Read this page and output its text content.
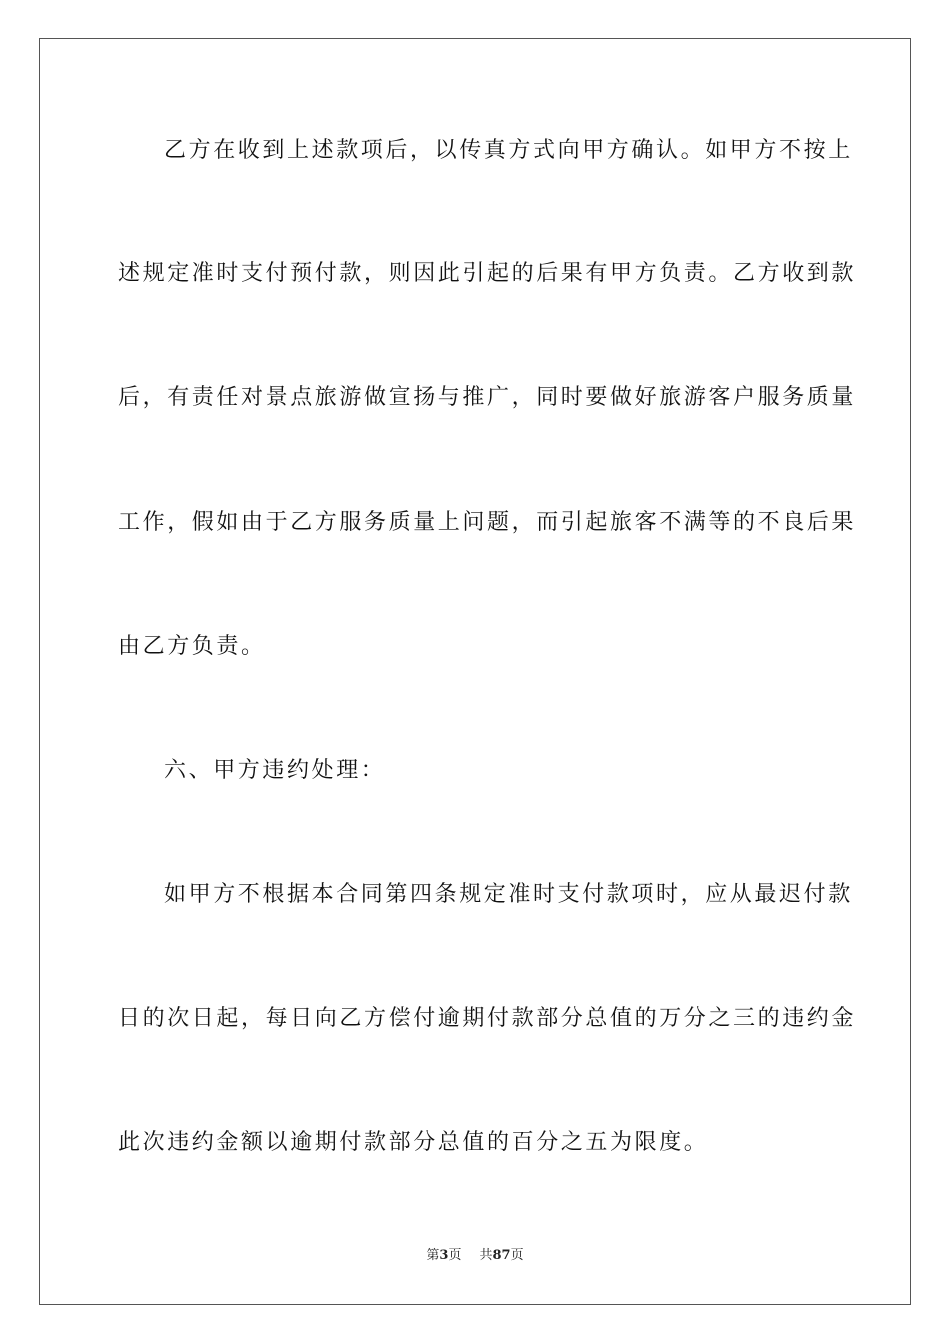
乙方在收到上述款项后，以传真方式向甲方确认。如甲方不按上
述规定准时支付预付款，则因此引起的后果有甲方负责。乙方收到款
后，有责任对景点旅游做宣扬与推广，同时要做好旅游客户服务质量
工作，假如由于乙方服务质量上问题，而引起旅客不满等的不良后果
由乙方负责。
六、甲方违约处理：
如甲方不根据本合同第四条规定准时支付款项时，应从最迟付款
日的次日起，每日向乙方偿付逾期付款部分总值的万分之三的违约金
此次违约金额以逾期付款部分总值的百分之五为限度。
第3页 共87页
